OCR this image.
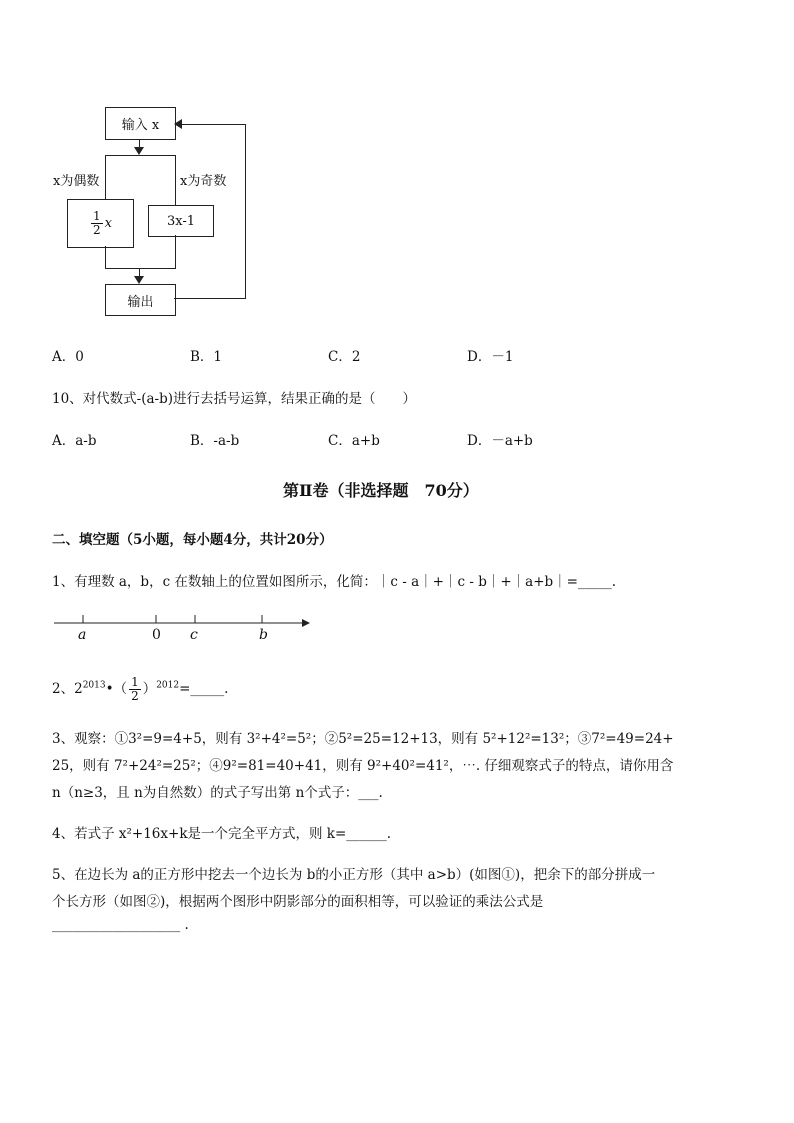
输入 x
x为偶数	x为奇数
$\frac{1}{2}$ x	3x-1
输出
A．0	B．1	C．2	D．－1
10、对代数式-(a-b)进行去括号运算，结果正确的是（　　）
A．a-b	B．-a-b	C．a+b	D．－a+b
第Ⅱ卷（非选择题　70分）
二、填空题（5小题，每小题4分，共计20分）
1、有理数 a，b，c 在数轴上的位置如图所示，化简：｜c - a｜+｜c - b｜+｜a+b｜=_____.
a	0 c	b
2、$2^{2013}•( \frac{1}{2}$ ）$^{2012}$=_____.
3、观察：①3²=9=4+5，则有 3²+4²=5²；②5²=25=12+13，则有 5²+12²=13²；③7²=49=24+
25，则有 7²+24²=25²；④9²=81=40+41，则有 9²+40²=41²，⋯. 仔细观察式子的特点，请你用含
n（n≥3，且 n为自然数）的式子写出第 n个式子：___.
4、若式子 x²+16x+k是一个完全平方式，则 k=______.
5、在边长为 a的正方形中挖去一个边长为 b的小正方形（其中 a>b）(如图①)，把余下的部分拼成一
个长方形（如图②)，根据两个图形中阴影部分的面积相等，可以验证的乘法公式是
___________________ .
